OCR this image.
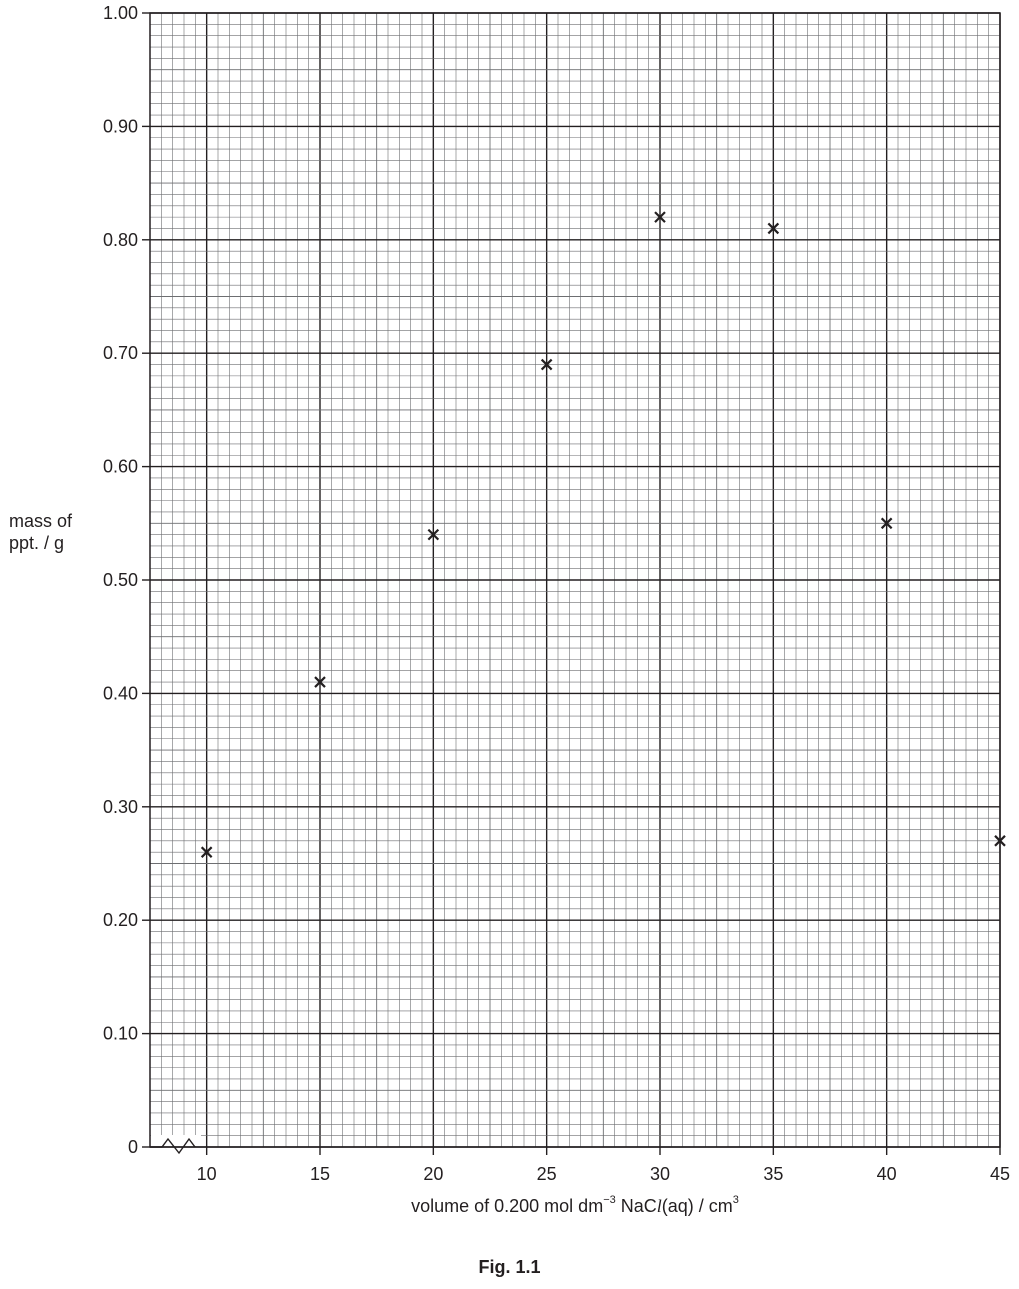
0
0.10
0.20
0.30
0.40
0.50
0.60
0.70
0.80
0.90
1.00
10	15	20	25	30	35	40	45
mass of
ppt. / g
volume of 0.200 mol $dm^{-3}$ NaCl(aq) / $cm^3$
Fig. 1.1
